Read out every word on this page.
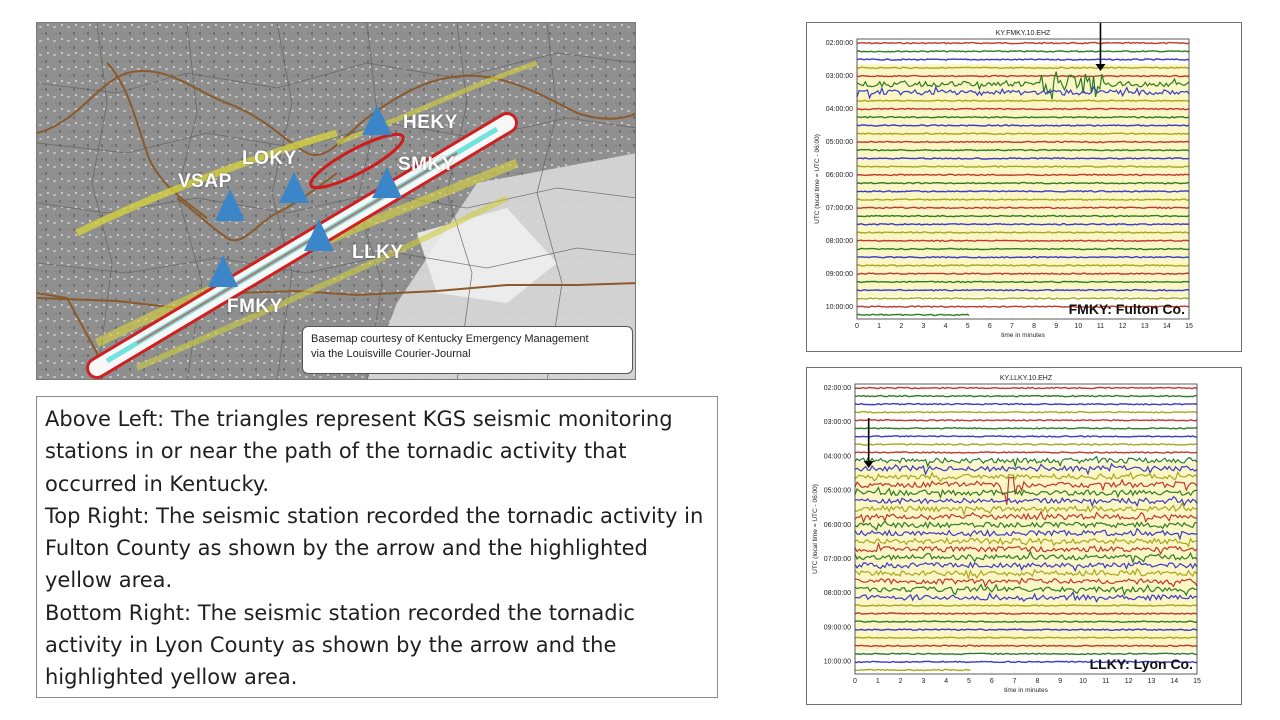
HEKY
LOKY	SMKY
VSAP
LLKY
FMKY
Basemap courtesy of Kentucky Emergency Management
via the Louisville Courier-Journal

Above Left: The triangles represent KGS seismic monitoring stations in or near the path of the tornadic activity that occurred in Kentucky.

Top Right: The seismic station recorded the tornadic activity in Fulton County as shown by the arrow and the highlighted yellow area.

Bottom Right: The seismic station recorded the tornadic activity in Lyon County as shown by the arrow and the highlighted yellow area.

KY.FMKY.10.EHZ
0	1	2	3	4	5	6	7	8	9 10 11 12 13 14 15
02:00:00
03:00:00
04:00:00
05:00:00
06:00:00
07:00:00
08:00:00
09:00:00
10:00:00
time in minutes
UTC (local time = UTC - 06:00)
FMKY: Fulton Co.
KY.LLKY.10.EHZ
0	1	2	3	4	5	6	7	8	9 10 11 12 13 14 15
02:00:00
03:00:00
04:00:00
05:00:00
06:00:00
07:00:00
08:00:00
09:00:00
10:00:00
time in minutes
UTC (local time = UTC - 06:00)
LLKY: Lyon Co.
